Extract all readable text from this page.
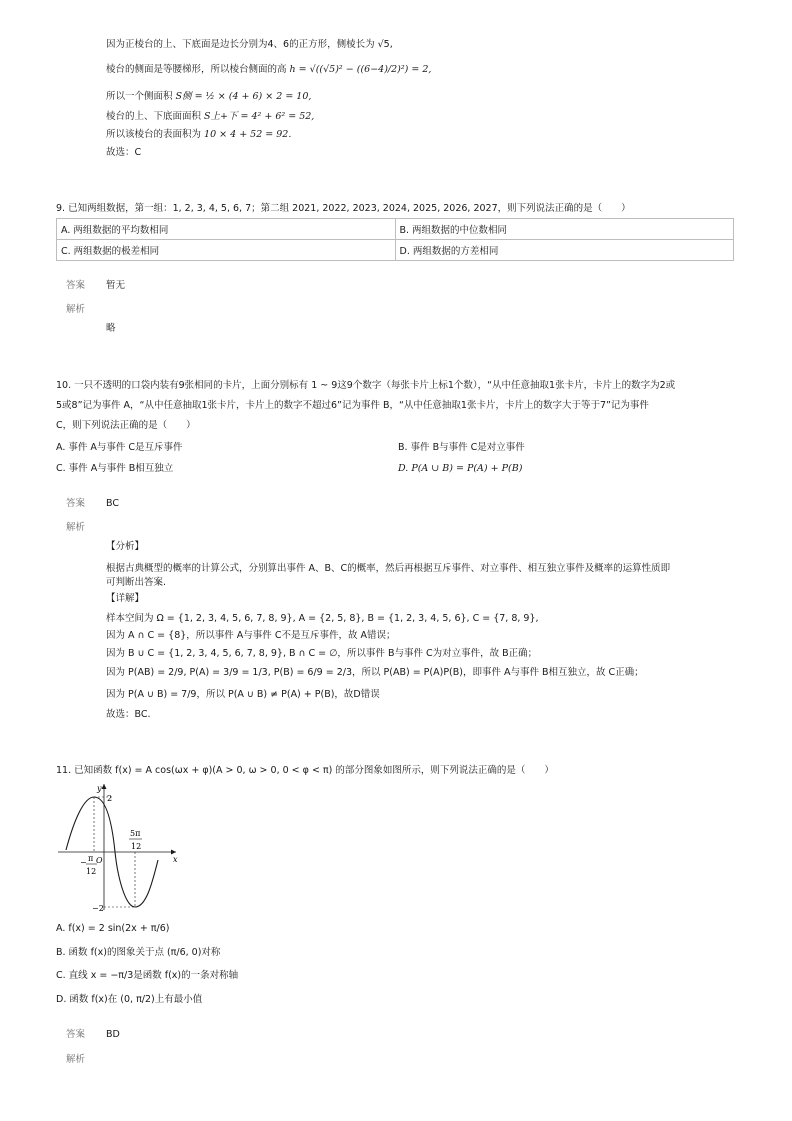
因为正棱台的上、下底面是边长分别为4、6的正方形，侧棱长为 √5,
棱台的侧面是等腰梯形，所以棱台侧面的高 h = √((√5)² − ((6−4)/2)²) = 2,
所以一个侧面积 S侧 = ½ × (4 + 6) × 2 = 10,
棱台的上、下底面面积 S上+下 = 4² + 6² = 52,
所以该棱台的表面积为 10 × 4 + 52 = 92.
故选：C
9. 已知两组数据，第一组：1, 2, 3, 4, 5, 6, 7；第二组 2021, 2022, 2023, 2024, 2025, 2026, 2027，则下列说法正确的是（　　）
A. 两组数据的平均数相同	B. 两组数据的中位数相同
C. 两组数据的极差相同	D. 两组数据的方差相同
答案 暂无
解析
略
10. 一只不透明的口袋内装有9张相同的卡片，上面分别标有 1 ~ 9这9个数字（每张卡片上标1个数），“从中任意抽取1张卡片，卡片上的数字为2或
5或8”记为事件 A，“从中任意抽取1张卡片，卡片上的数字不超过6”记为事件 B，“从中任意抽取1张卡片，卡片上的数字大于等于7”记为事件
C，则下列说法正确的是（　　）
A. 事件 A与事件 C是互斥事件	B. 事件 B与事件 C是对立事件
C. 事件 A与事件 B相互独立	D. P(A ∪ B) = P(A) + P(B)
答案 BC
解析
【分析】
根据古典概型的概率的计算公式，分别算出事件 A、B、C的概率，然后再根据互斥事件、对立事件、相互独立事件及概率的运算性质即
可判断出答案.
【详解】
样本空间为 Ω = {1, 2, 3, 4, 5, 6, 7, 8, 9}, A = {2, 5, 8}, B = {1, 2, 3, 4, 5, 6}, C = {7, 8, 9},
因为 A ∩ C = {8}，所以事件 A与事件 C不是互斥事件，故 A错误；
因为 B ∪ C = {1, 2, 3, 4, 5, 6, 7, 8, 9}, B ∩ C = ∅，所以事件 B与事件 C为对立事件，故 B正确；
因为 P(AB) = 2/9, P(A) = 3/9 = 1/3, P(B) = 6/9 = 2/3，所以 P(AB) = P(A)P(B)，即事件 A与事件 B相互独立，故 C正确；
因为 P(A ∪ B) = 7/9，所以 P(A ∪ B) ≠ P(A) + P(B)，故D错误
故选：BC.
11. 已知函数 f(x) = A cos(ωx + φ)(A > 0, ω > 0, 0 < φ < π) 的部分图象如图所示，则下列说法正确的是（　　）
y
2
x
O
−2
− π
12
5π
12
A. f(x) = 2 sin(2x + π/6)
B. 函数 f(x)的图象关于点 (π/6, 0)对称
C. 直线 x = −π/3是函数 f(x)的一条对称轴
D. 函数 f(x)在 (0, π/2)上有最小值
答案 BD
解析
